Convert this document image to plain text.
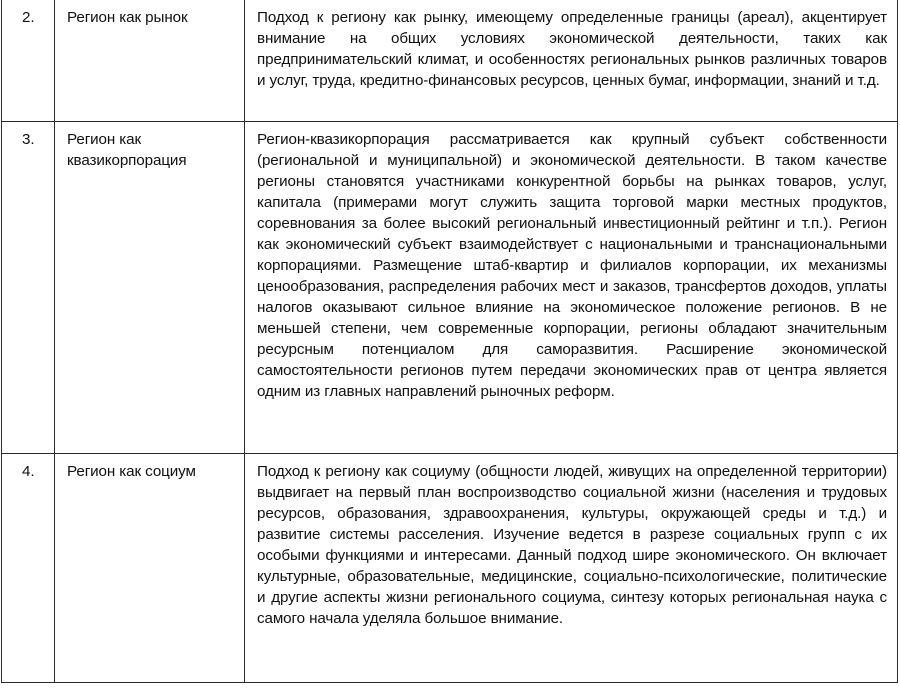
2.	Регион как рынок	Подход к региону как рынку, имеющему определенные границы (ареал), акцентирует внимание на общих условиях экономической деятельности, таких как предпринимательский климат, и особенностях региональных рынков различных товаров и услуг, труда, кредитно-финансовых ресурсов, ценных бумаг, информации, знаний и т.д.

3.	Регион как квазикорпорация	Регион-квазикорпорация рассматривается как крупный субъект собственности (региональной и муниципальной) и экономической деятельности. В таком качестве регионы становятся участниками конкурентной борьбы на рынках товаров, услуг, капитала (примерами могут служить защита торговой марки местных продуктов, соревнования за более высокий региональный инвестиционный рейтинг и т.п.). Регион как экономический субъект взаимодействует с национальными и транснациональными корпорациями. Размещение штаб-квартир и филиалов корпорации, их механизмы ценообразования, распределения рабочих мест и заказов, трансфертов доходов, уплаты налогов оказывают сильное влияние на экономическое положение регионов. В не меньшей степени, чем современные корпорации, регионы обладают значительным ресурсным потенциалом для саморазвития. Расширение экономической самостоятельности регионов путем передачи экономических прав от центра является одним из главных направлений рыночных реформ.

4.	Регион как социум	Подход к региону как социуму (общности людей, живущих на определенной территории) выдвигает на первый план воспроизводство социальной жизни (населения и трудовых ресурсов, образования, здравоохранения, культуры, окружающей среды и т.д.) и развитие системы расселения. Изучение ведется в разрезе социальных групп с их особыми функциями и интересами. Данный подход шире экономического. Он включает культурные, образовательные, медицинские, социально-психологические, политические и другие аспекты жизни регионального социума, синтезу которых региональная наука с самого начала уделяла большое внимание.
